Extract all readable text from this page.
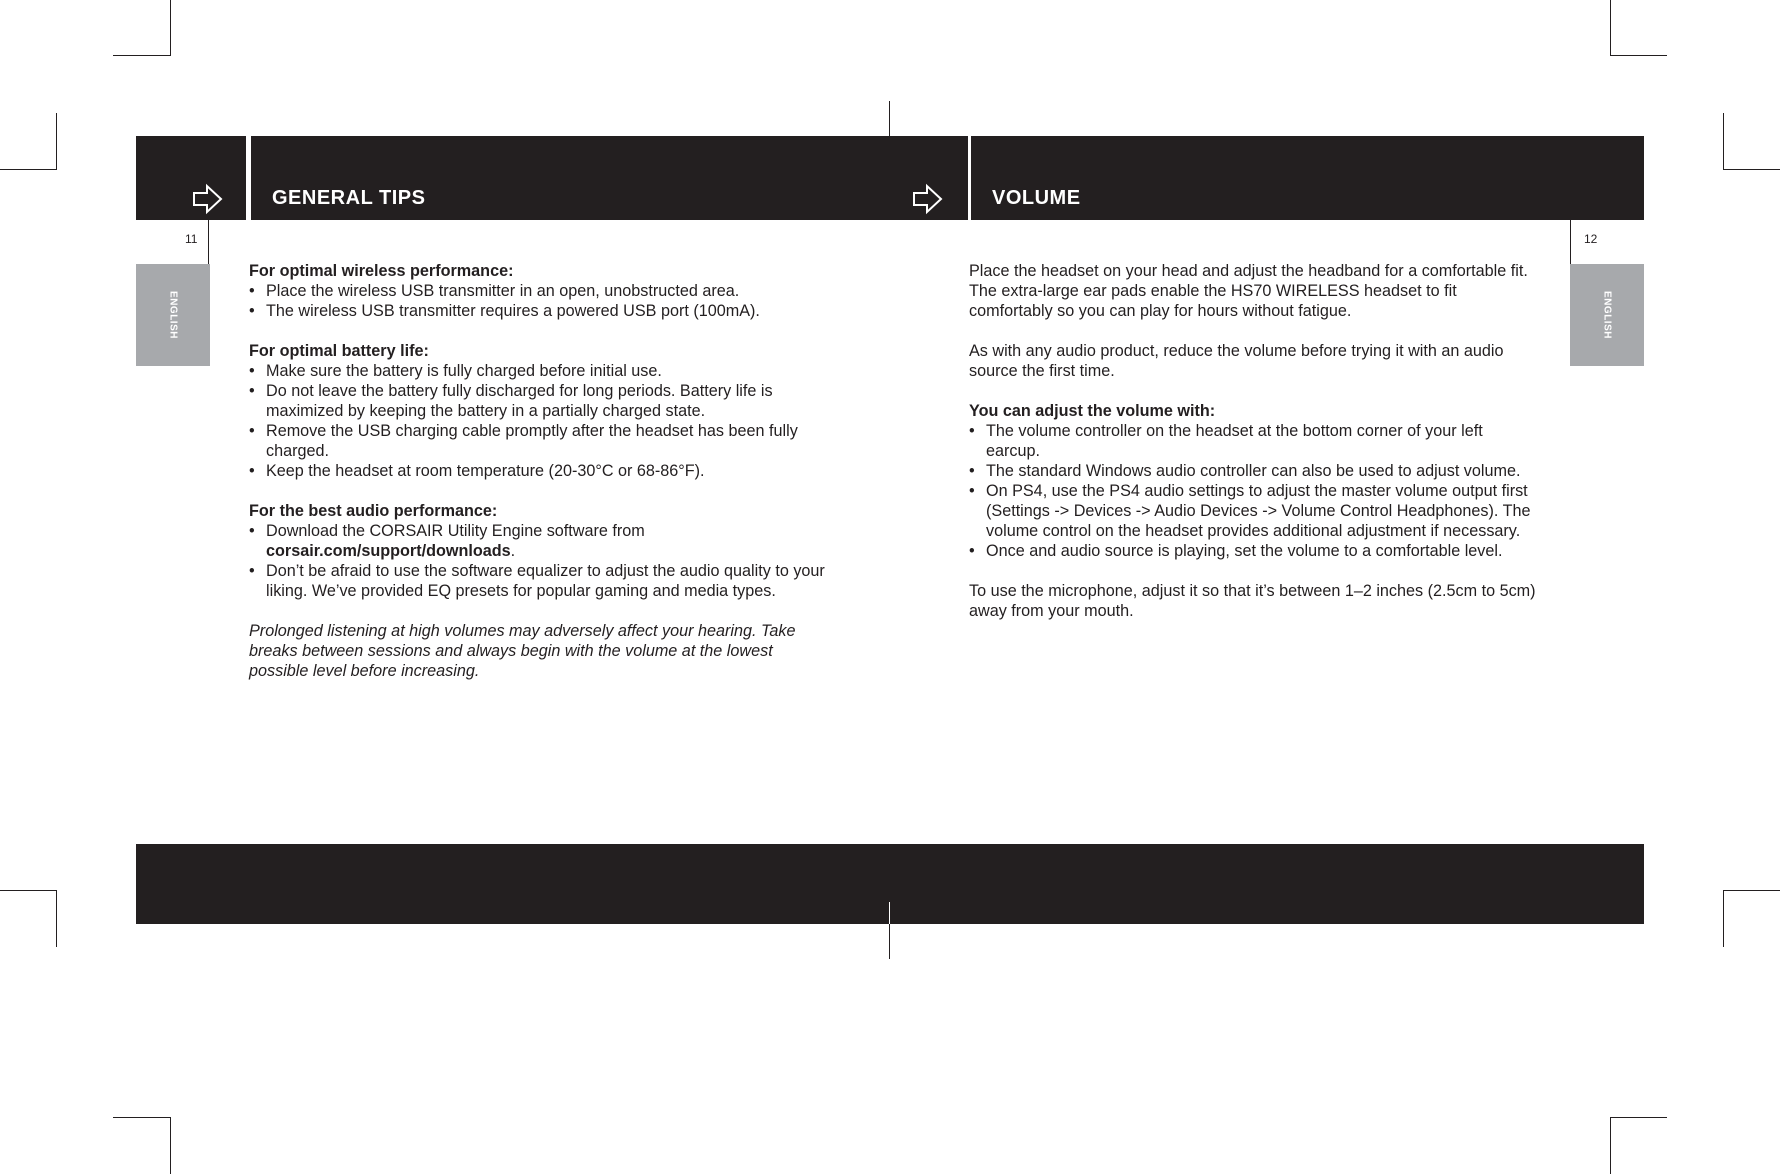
GENERAL TIPS	VOLUME
11	12
ENGLISH	ENGLISH

For optimal wireless performance:

• Place the wireless USB transmitter in an open, unobstructed area.

• The wireless USB transmitter requires a powered USB port (100mA).

For optimal battery life:

• Make sure the battery is fully charged before initial use.

• Do not leave the battery fully discharged for long periods. Battery life is maximized by keeping the battery in a partially charged state.

• Remove the USB charging cable promptly after the headset has been fully charged.

• Keep the headset at room temperature (20-30°C or 68-86°F).

For the best audio performance:

• Download the CORSAIR Utility Engine software from
corsair.com/support/downloads.

• Don’t be afraid to use the software equalizer to adjust the audio quality to your liking. We’ve provided EQ presets for popular gaming and media types.

Prolonged listening at high volumes may adversely affect your hearing. Take breaks between sessions and always begin with the volume at the lowest possible level before increasing.

Place the headset on your head and adjust the headband for a comfortable fit. The extra-large ear pads enable the HS70 WIRELESS headset to fit comfortably so you can play for hours without fatigue.

As with any audio product, reduce the volume before trying it with an audio source the first time.

You can adjust the volume with:

• The volume controller on the headset at the bottom corner of your left earcup.

• The standard Windows audio controller can also be used to adjust volume.

• On PS4, use the PS4 audio settings to adjust the master volume output first (Settings -> Devices -> Audio Devices -> Volume Control Headphones). The volume control on the headset provides additional adjustment if necessary.

• Once and audio source is playing, set the volume to a comfortable level.

To use the microphone, adjust it so that it’s between 1–2 inches (2.5cm to 5cm) away from your mouth.
